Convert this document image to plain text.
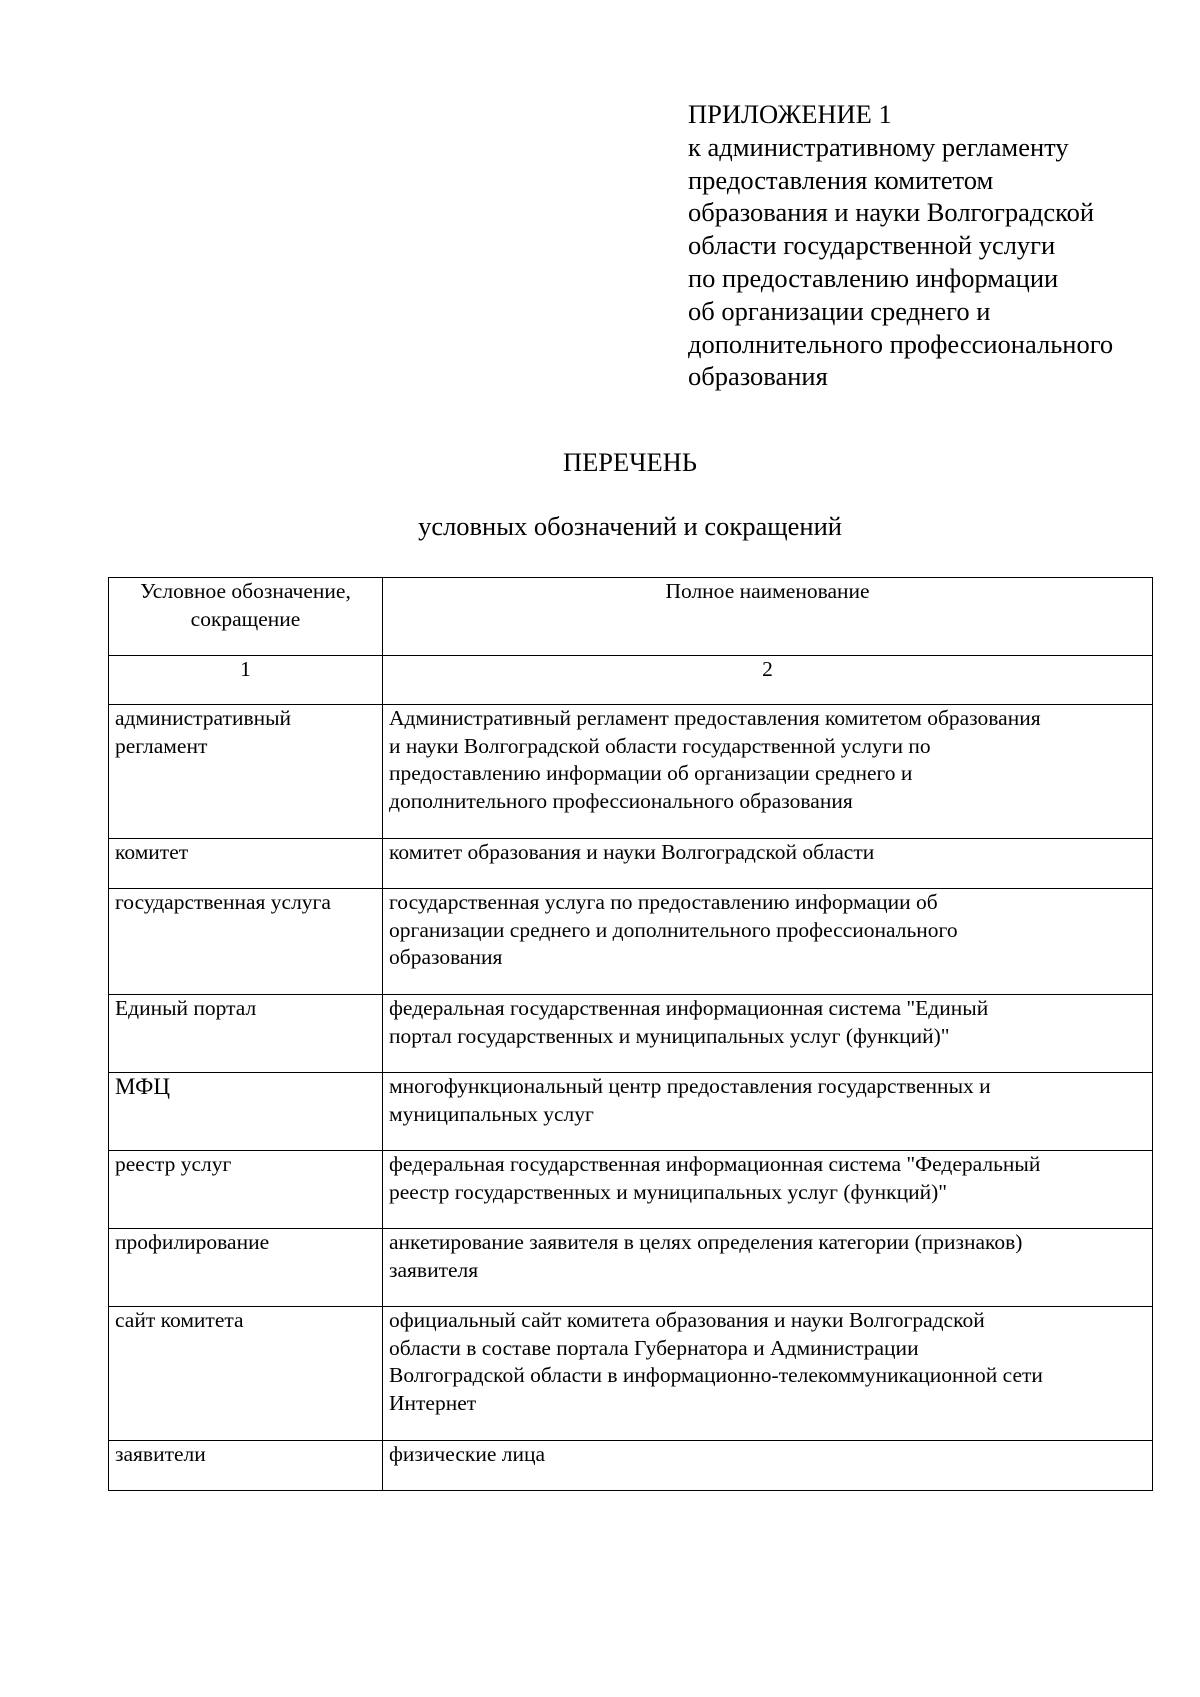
ПРИЛОЖЕНИЕ 1
к административному регламенту
предоставления комитетом
образования и науки Волгоградской
области государственной услуги
по предоставлению информации
об организации среднего и
дополнительного профессионального
образования
ПЕРЕЧЕНЬ
условных обозначений и сокращений
Условное обозначение,
сокращение	Полное наименование

1	2

административный
регламент	Административный регламент предоставления комитетом образования
и науки Волгоградской области государственной услуги по
предоставлению информации об организации среднего и
дополнительного профессионального образования

комитет	комитет образования и науки Волгоградской области

государственная услуга	государственная услуга по предоставлению информации об
организации среднего и дополнительного профессионального
образования

Единый портал	федеральная государственная информационная система "Единый
портал государственных и муниципальных услуг (функций)"

МФЦ	многофункциональный центр предоставления государственных и
муниципальных услуг

реестр услуг	федеральная государственная информационная система "Федеральный
реестр государственных и муниципальных услуг (функций)"

профилирование	анкетирование заявителя в целях определения категории (признаков)
заявителя

сайт комитета	официальный сайт комитета образования и науки Волгоградской
области в составе портала Губернатора и Администрации
Волгоградской области в информационно-телекоммуникационной сети
Интернет

заявители	физические лица
